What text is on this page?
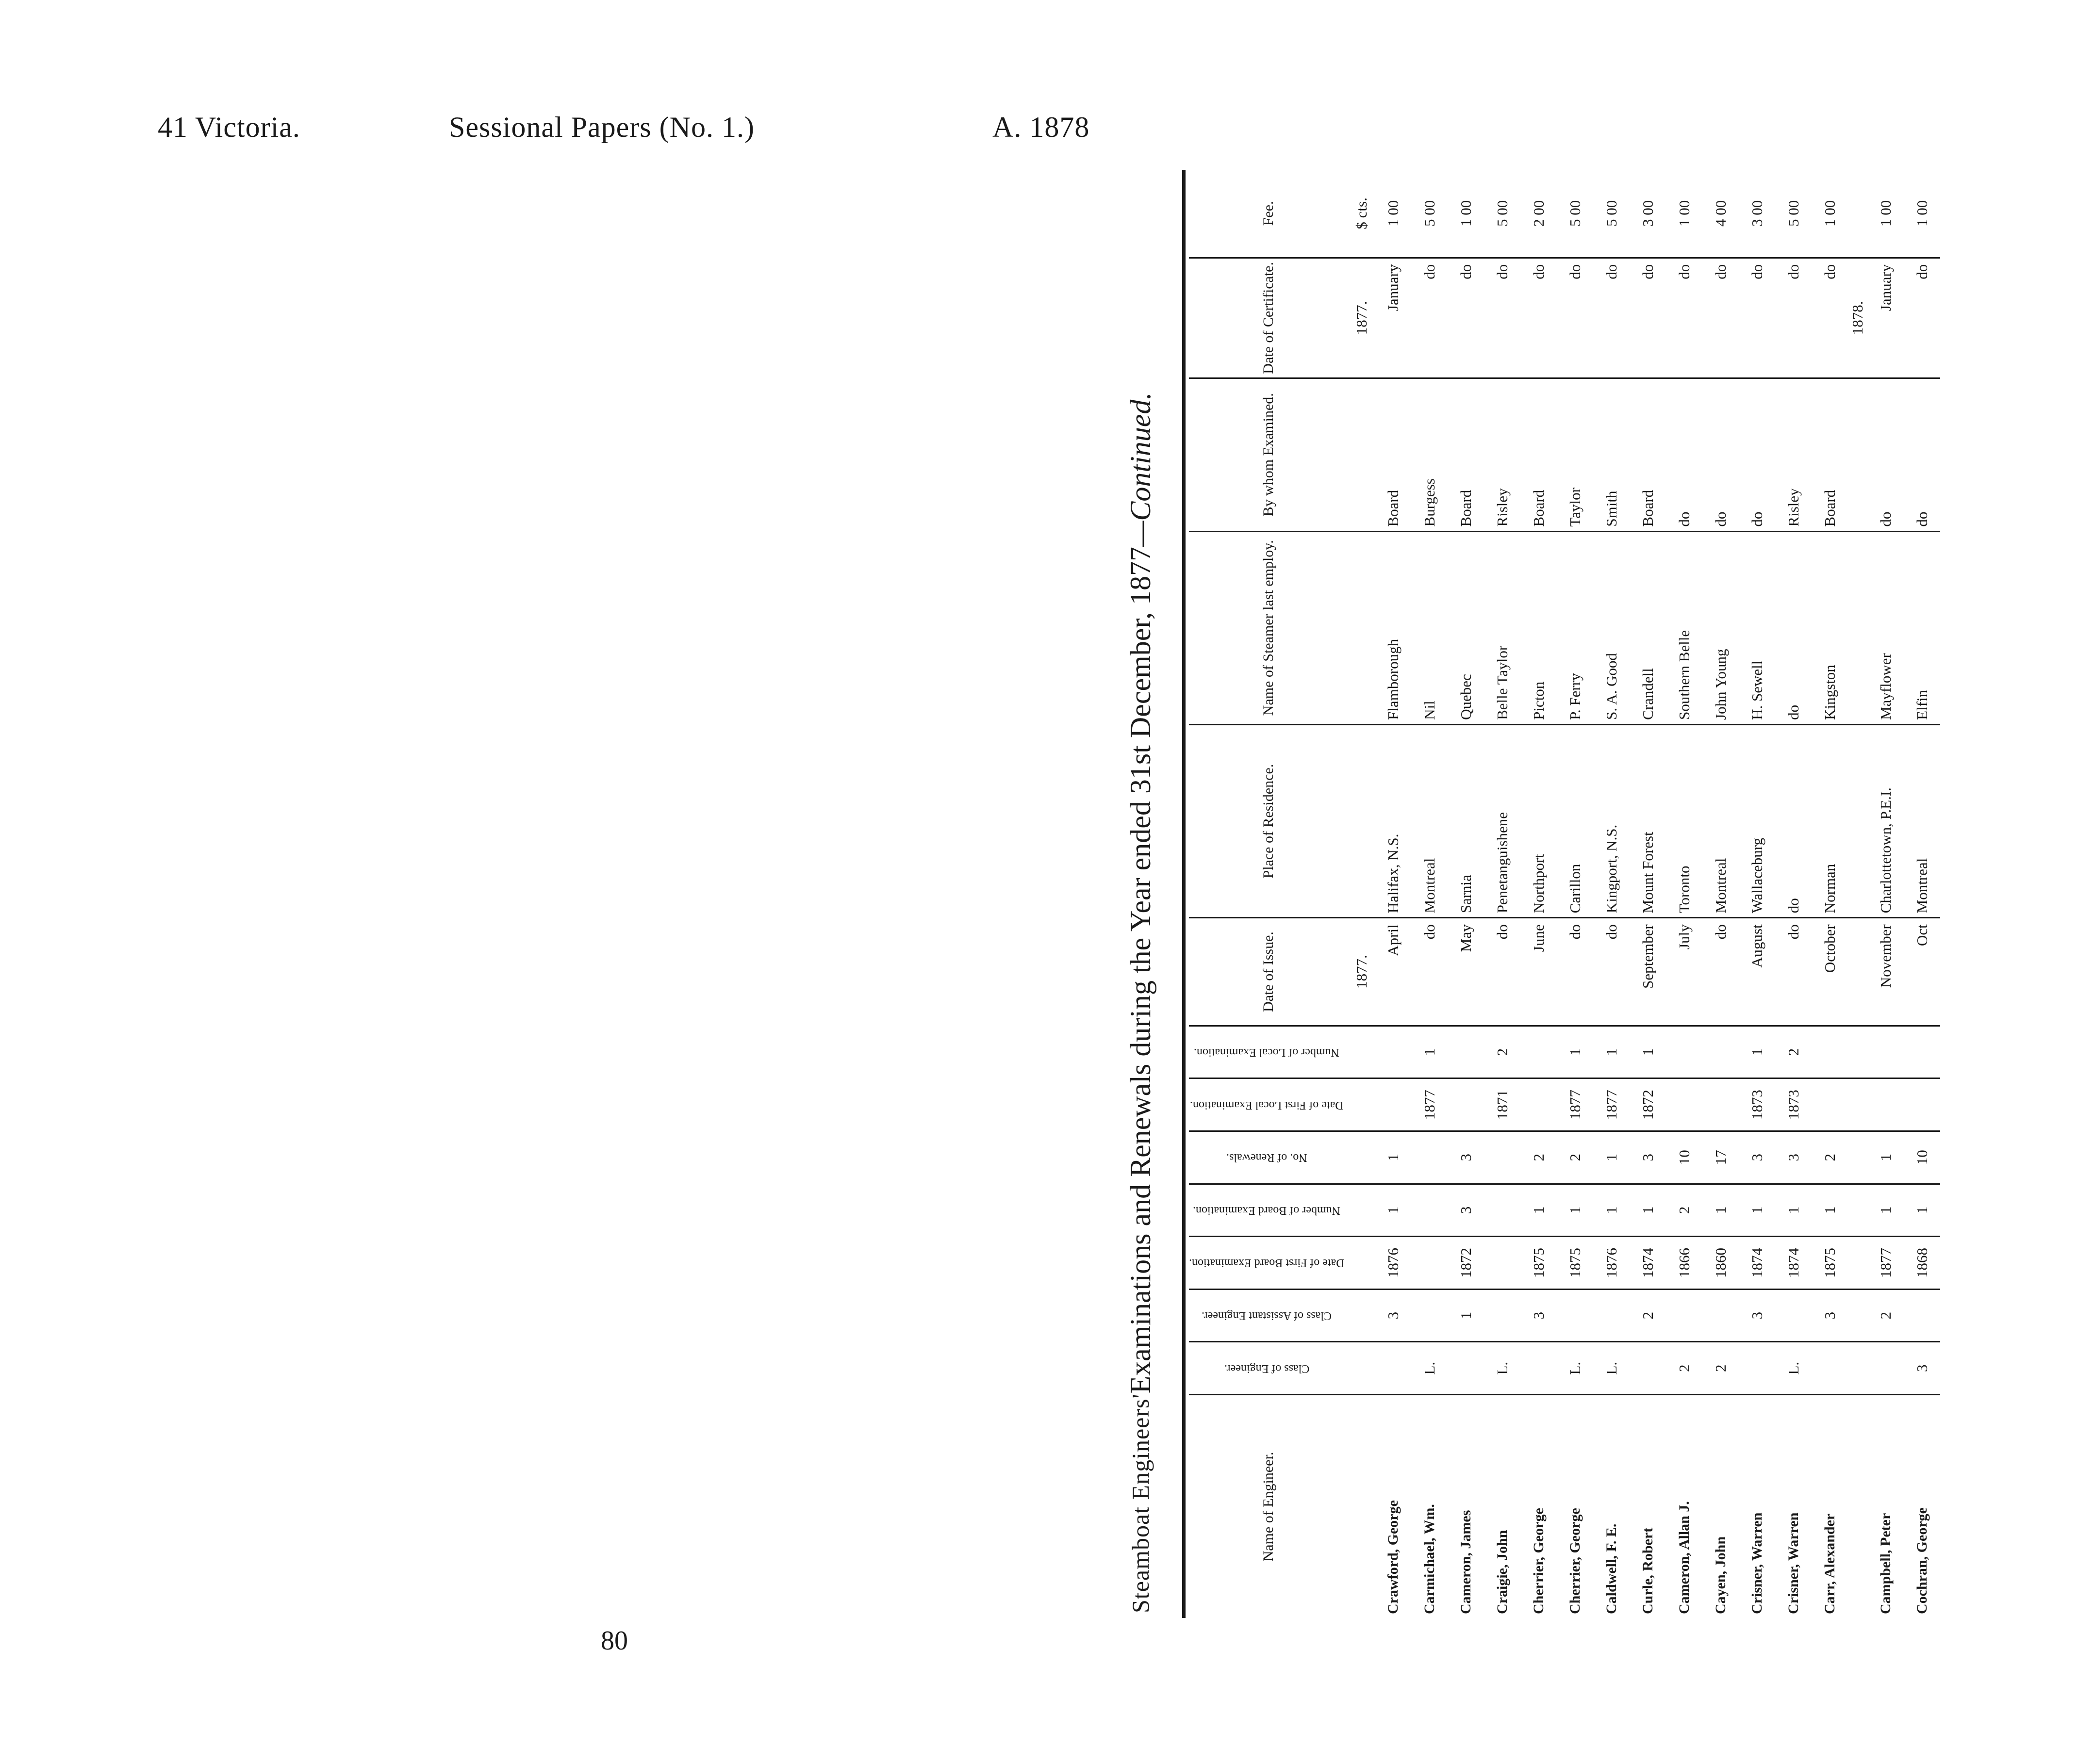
41 Victoria.	Sessional Papers (No. 1.)	A. 1878
Steamboat Engineers'
Examinations and Renewals during the Year ended 31st December, 1877
—Continued.
Name of Engineer.	Class of Engineer.	Class of Assistant Engineer.	Date of First Board Examination.	Number of Board Examination.	No. of Renewals.	Date of First Local Examination.	Number of Local Examination.	Date of Issue.	Place of Residence.	Name of Steamer last employ.	By whom Examined.	Date of Certificate.	Fee.
								1877.				1877.	$ cts.
Crawford, George		3	1876	1	1			April	Halifax, N.S.	Flamborough	Board	January	1 00
Carmichael, Wm.	L.					1877	1	do	Montreal	Nil	Burgess	do	5 00
Cameron, James		1	1872	3	3			May	Sarnia	Quebec	Board	do	1 00
Craigie, John	L.					1871	2	do	Penetanguishene	Belle Taylor	Risley	do	5 00
Cherrier, George		3	1875	1	2			June	Northport	Picton	Board	do	2 00
Cherrier, George	L.		1875	1	2	1877	1	do	Carillon	P. Ferry	Taylor	do	5 00
Caldwell, F. E.	L.		1876	1	1	1877	1	do	Kingport, N.S.	S. A. Good	Smith	do	5 00
Curle, Robert		2	1874	1	3	1872	1	September	Mount Forest	Crandell	Board	do	3 00
Cameron, Allan J.	2		1866	2	10			July	Toronto	Southern Belle	do	do	1 00
Cayen, John	2		1860	1	17			do	Montreal	John Young	do	do	4 00
Crisner, Warren		3	1874	1	3	1873	1	August	Wallaceburg	H. Sewell	do	do	3 00
Crisner, Warren	L.		1874	1	3	1873	2	do	do	do	Risley	do	5 00
Carr, Alexander		3	1875	1	2			October	Norman	Kingston	Board	do	1 00
												1878.	
Campbell, Peter		2	1877	1	1			November	Charlottetown, P.E.I.	Mayflower	do	January	1 00
Cochran, George	3		1868	1	10			Oct	Montreal	Elfin	do	do	1 00
80
